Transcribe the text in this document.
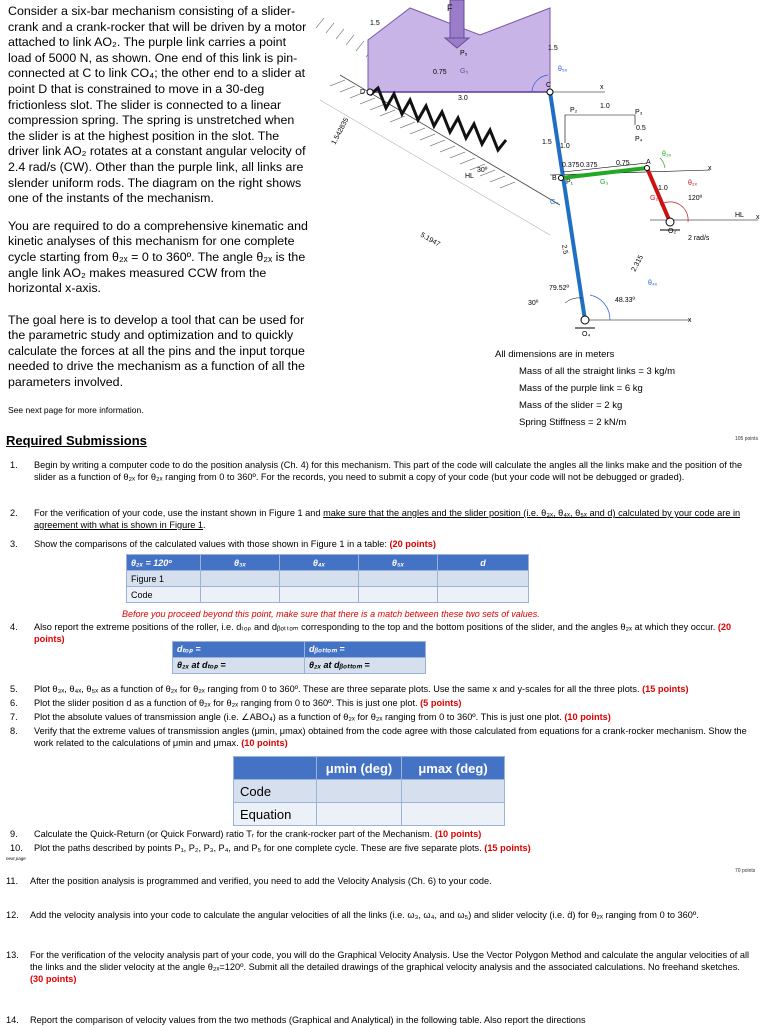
Consider a six-bar mechanism consisting of a slider-crank and a crank-rocker that will be driven by a motor attached to link AO₂. The purple link carries a point load of 5000 N, as shown. One end of this link is pin-connected at C to link CO₄; the other end to a slider at point D that is constrained to move in a 30-deg frictionless slot. The slider is connected to a linear compression spring. The spring is unstretched when the slider is at the highest position in the slot. The driver link AO₂ rotates at a constant angular velocity of 2.4 rad/s (CW). Other than the purple link, all links are slender uniform rods. The diagram on the right shows one of the instants of the mechanism.

You are required to do a comprehensive kinematic and kinetic analyses of this mechanism for one complete cycle starting from θ₂ₓ = 0 to 360º. The angle θ₂ₓ is the angle link AO₂ makes measured CCW from the horizontal x-axis.

The goal here is to develop a tool that can be used for the parametric study and optimization and to quickly calculate the forces at all the pins and the input torque needed to drive the mechanism as a function of all the parameters involved.

See next page for more information.

F
1.5
1.5
0.75
3.0
P₅
G₅	θ₅ₓ
C
D
x
P₂
1.0
P₃
0.5
P₄
1.0
1.5
0.375 0.375	0.75
θ₃ₓ
A
x
B
P₁	G₃
HL
30º
θ₂ₓ
G₂
1.0
120º
HL x
O₂
2 rad/s
G₄
1.542835
5.1947
2.5
2.315
θ₄ₓ
79.52º
48.33º
30º
x
O₄
All dimensions are in meters
Mass of all the straight links = 3 kg/m
Mass of the purple link = 6 kg
Mass of the slider = 2 kg
Spring Stiffness = 2 kN/m
Required Submissions	105 points
1. Begin by writing a computer code to do the position analysis (Ch. 4) for this mechanism. This part of the code will calculate the angles all the links make and the position of the slider as a function of θ₂ₓ for θ₂ₓ ranging from 0 to 360º. For the records, you need to submit a copy of your code (but your code will not be debugged or graded).
2. For the verification of your code, use the instant shown in Figure 1 and make sure that the angles and the slider position (i.e. θ₃ₓ, θ₄ₓ, θ₅ₓ and d) calculated by your code are in agreement with what is shown in Figure 1.
3. Show the comparisons of the calculated values with those shown in Figure 1 in a table: (20 points)
θ₂ₓ = 120º	θ₃ₓ	θ₄ₓ	θ₅ₓ	d
Figure 1				
Code				
Before you proceed beyond this point, make sure that there is a match between these two sets of values.
4. Also report the extreme positions of the roller, i.e. dₜₒₚ and dᵦₒₜₜₒₘ corresponding to the top and the bottom positions of the slider, and the angles θ₂ₓ at which they occur. (20 points)
dₜₒₚ =	dᵦₒₜₜₒₘ =
θ₂ₓ at dₜₒₚ =	θ₂ₓ at dᵦₒₜₜₒₘ =
5. Plot θ₃ₓ, θ₄ₓ, θ₅ₓ as a function of θ₂ₓ for θ₂ₓ ranging from 0 to 360º. These are three separate plots. Use the same x and y-scales for all the three plots. (15 points)
6. Plot the slider position d as a function of θ₂ₓ for θ₂ₓ ranging from 0 to 360º. This is just one plot. (5 points)
7. Plot the absolute values of transmission angle (i.e. ∠ABO₄) as a function of θ₂ₓ for θ₂ₓ ranging from 0 to 360º. This is just one plot. (10 points)
8. Verify that the extreme values of transmission angles (μmin, μmax) obtained from the code agree with those calculated from equations for a crank-rocker mechanism. Show the work related to the calculations of μmin and μmax. (10 points)
	μmin (deg)	μmax (deg)
Code		
Equation		
9. Calculate the Quick-Return (or Quick Forward) ratio Tᵣ for the crank-rocker part of the Mechanism. (10 points)
10. Plot the paths described by points P₁, P₂, P₃, P₄, and P₅ for one complete cycle. These are five separate plots. (15 points)
next page
70 points
11. After the position analysis is programmed and verified, you need to add the Velocity Analysis (Ch. 6) to your code.
12. Add the velocity analysis into your code to calculate the angular velocities of all the links (i.e. ω₃, ω₄, and ω₅) and slider velocity (i.e. ḋ) for θ₂ₓ ranging from 0 to 360º.
13. For the verification of the velocity analysis part of your code, you will do the Graphical Velocity Analysis. Use the Vector Polygon Method and calculate the angular velocities of all the links and the slider velocity at the angle θ₂ₓ=120º. Submit all the detailed drawings of the graphical velocity analysis and the associated calculations. No freehand sketches. (30 points)
14. Report the comparison of velocity values from the two methods (Graphical and Analytical) in the following table. Also report the directions
